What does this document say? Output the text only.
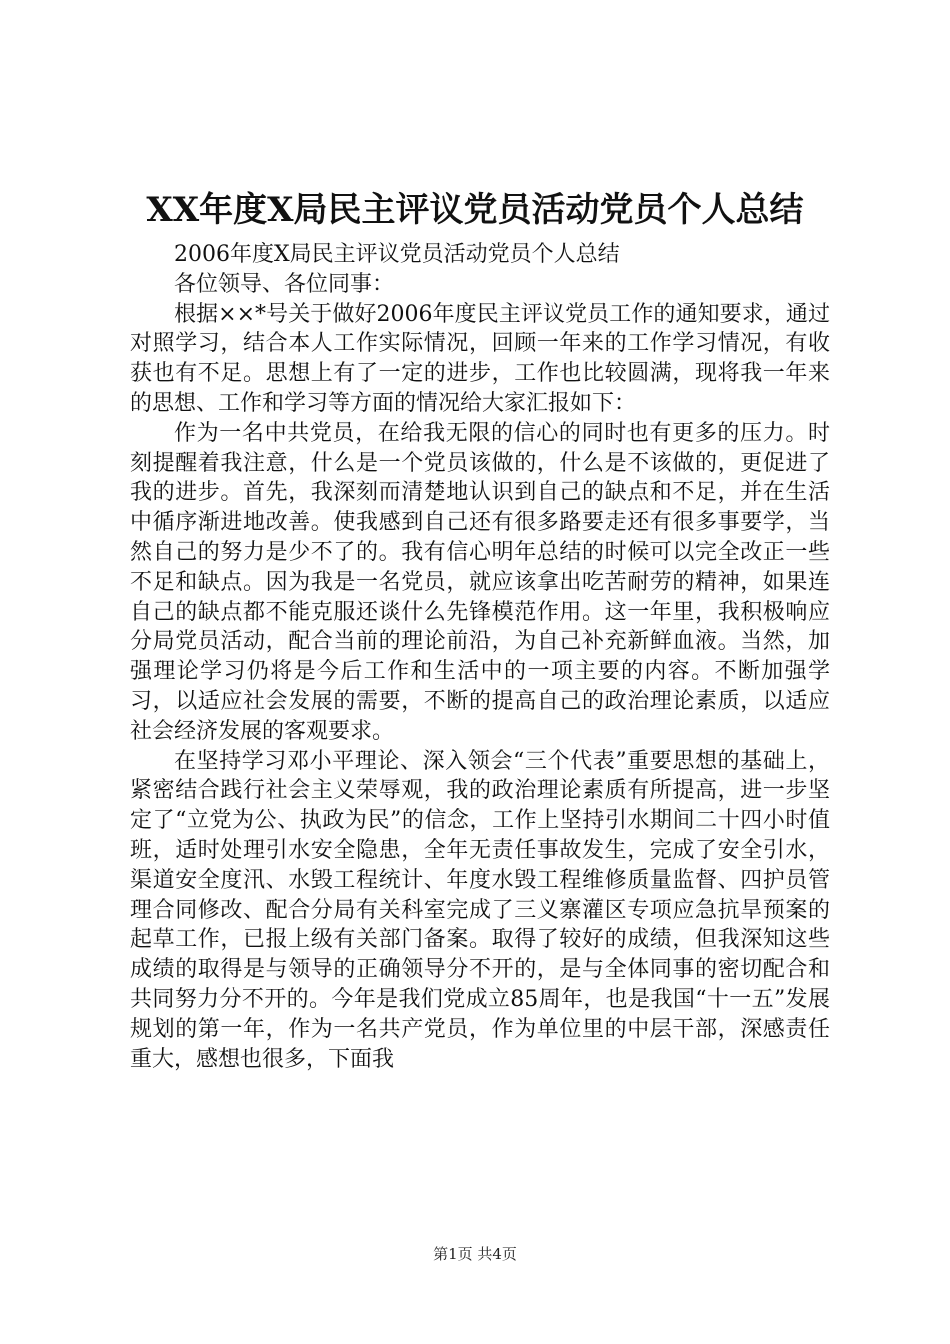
XX年度X局民主评议党员活动党员个人总结

2006年度X局民主评议党员活动党员个人总结

各位领导、各位同事：

根据××*号关于做好2006年度民主评议党员工作的通知要求，通过对照学习，结合本人工作实际情况，回顾一年来的工作学习情况，有收获也有不足。思想上有了一定的进步，工作也比较圆满，现将我一年来的思想、工作和学习等方面的情况给大家汇报如下：

作为一名中共党员，在给我无限的信心的同时也有更多的压力。时刻提醒着我注意，什么是一个党员该做的，什么是不该做的，更促进了我的进步。首先，我深刻而清楚地认识到自己的缺点和不足，并在生活中循序渐进地改善。使我感到自己还有很多路要走还有很多事要学，当然自己的努力是少不了的。我有信心明年总结的时候可以完全改正一些不足和缺点。因为我是一名党员，就应该拿出吃苦耐劳的精神，如果连自己的缺点都不能克服还谈什么先锋模范作用。这一年里，我积极响应分局党员活动，配合当前的理论前沿，为自己补充新鲜血液。当然，加强理论学习仍将是今后工作和生活中的一项主要的内容。不断加强学习，以适应社会发展的需要，不断的提高自己的政治理论素质，以适应社会经济发展的客观要求。

在坚持学习邓小平理论、深入领会“三个代表”重要思想的基础上，紧密结合践行社会主义荣辱观，我的政治理论素质有所提高，进一步坚定了“立党为公、执政为民”的信念，工作上坚持引水期间二十四小时值班，适时处理引水安全隐患，全年无责任事故发生，完成了安全引水，渠道安全度汛、水毁工程统计、年度水毁工程维修质量监督、四护员管理合同修改、配合分局有关科室完成了三义寨灌区专项应急抗旱预案的起草工作，已报上级有关部门备案。取得了较好的成绩，但我深知这些成绩的取得是与领导的正确领导分不开的，是与全体同事的密切配合和共同努力分不开的。今年是我们党成立85周年，也是我国“十一五”发展规划的第一年，作为一名共产党员，作为单位里的中层干部，深感责任重大，感想也很多，下面我

第1页 共4页
